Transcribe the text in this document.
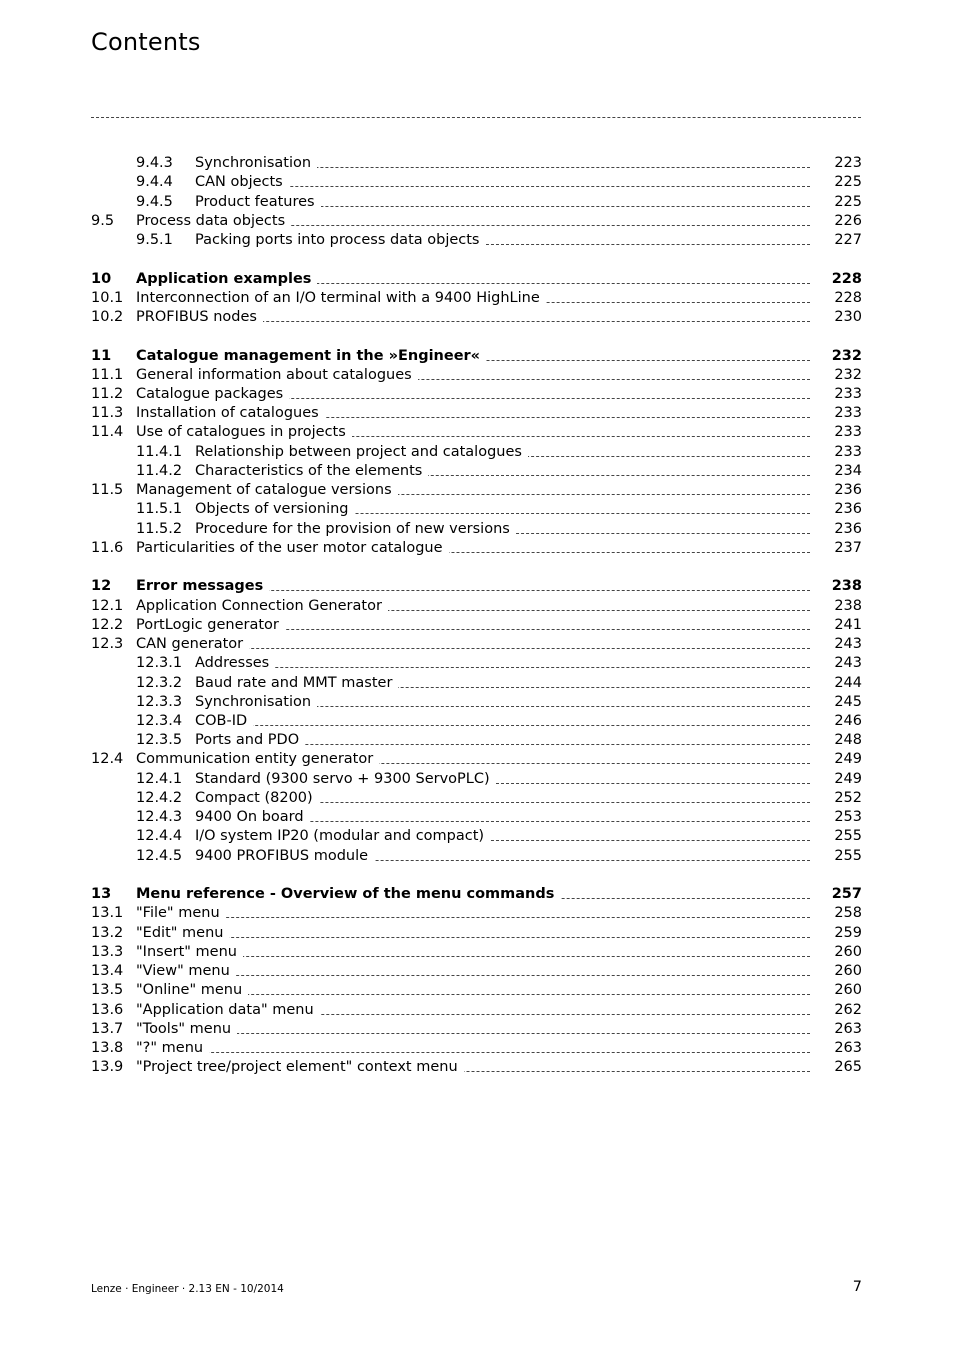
Contents
9.4.3 Synchronisation	223
9.4.4 CAN objects	225
9.4.5 Product features	225
9.5 Process data objects	226
9.5.1 Packing ports into process data objects	227
10 Application examples	228
10.1 Interconnection of an I/O terminal with a 9400 HighLine	228
10.2 PROFIBUS nodes	230
11 Catalogue management in the »Engineer«	232
11.1 General information about catalogues	232
11.2 Catalogue packages	233
11.3 Installation of catalogues	233
11.4 Use of catalogues in projects	233
11.4.1 Relationship between project and catalogues	233
11.4.2 Characteristics of the elements	234
11.5 Management of catalogue versions	236
11.5.1 Objects of versioning	236
11.5.2 Procedure for the provision of new versions	236
11.6 Particularities of the user motor catalogue	237
12 Error messages	238
12.1 Application Connection Generator	238
12.2 PortLogic generator	241
12.3 CAN generator	243
12.3.1 Addresses	243
12.3.2 Baud rate and MMT master	244
12.3.3 Synchronisation	245
12.3.4 COB-ID	246
12.3.5 Ports and PDO	248
12.4 Communication entity generator	249
12.4.1 Standard (9300 servo + 9300 ServoPLC)	249
12.4.2 Compact (8200)	252
12.4.3 9400 On board	253
12.4.4 I/O system IP20 (modular and compact)	255
12.4.5 9400 PROFIBUS module	255
13 Menu reference - Overview of the menu commands	257
13.1 "File" menu	258
13.2 "Edit" menu	259
13.3 "Insert" menu	260
13.4 "View" menu	260
13.5 "Online" menu	260
13.6 "Application data" menu	262
13.7 "Tools" menu	263
13.8 "?" menu	263
13.9 "Project tree/project element" context menu	265
Lenze · Engineer · 2.13 EN - 10/2014	7
